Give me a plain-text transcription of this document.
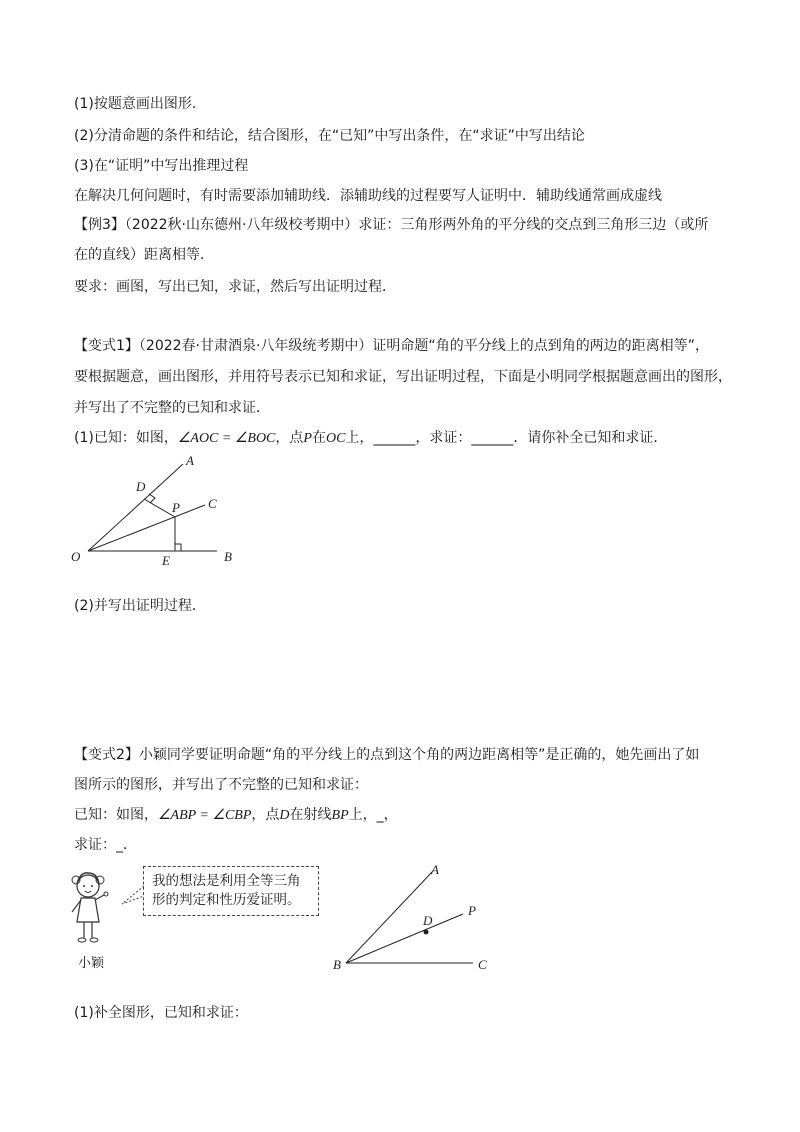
(1)按题意画出图形.
(2)分清命题的条件和结论，结合图形，在“已知”中写出条件，在“求证”中写出结论
(3)在“证明”中写出推理过程
在解决几何问题时，有时需要添加辅助线．添辅助线的过程要写人证明中．辅助线通常画成虚线
【例3】（2022秋·山东德州·八年级校考期中）求证：三角形两外角的平分线的交点到三角形三边（或所
在的直线）距离相等．
要求：画图，写出已知，求证，然后写出证明过程．
【变式1】（2022春·甘肃酒泉·八年级统考期中）证明命题“角的平分线上的点到角的两边的距离相等”，
要根据题意，画出图形，并用符号表示已知和求证，写出证明过程，下面是小明同学根据题意画出的图形，
并写出了不完整的已知和求证．
(1)已知：如图，∠AOC = ∠BOC，点P在OC上，______，求证：______．请你补全已知和求证．
A
D
P C
O	E	B
(2)并写出证明过程．
【变式2】小颖同学要证明命题“角的平分线上的点到这个角的两边距离相等”是正确的，她先画出了如
图所示的图形，并写出了不完整的已知和求证：
已知：如图，∠ABP = ∠CBP，点D在射线BP上，_，
求证：_．
小颖
我的想法是利用全等三角形的判定和性历爱证明。
A
D
P
B	C
(1)补全图形，已知和求证：
